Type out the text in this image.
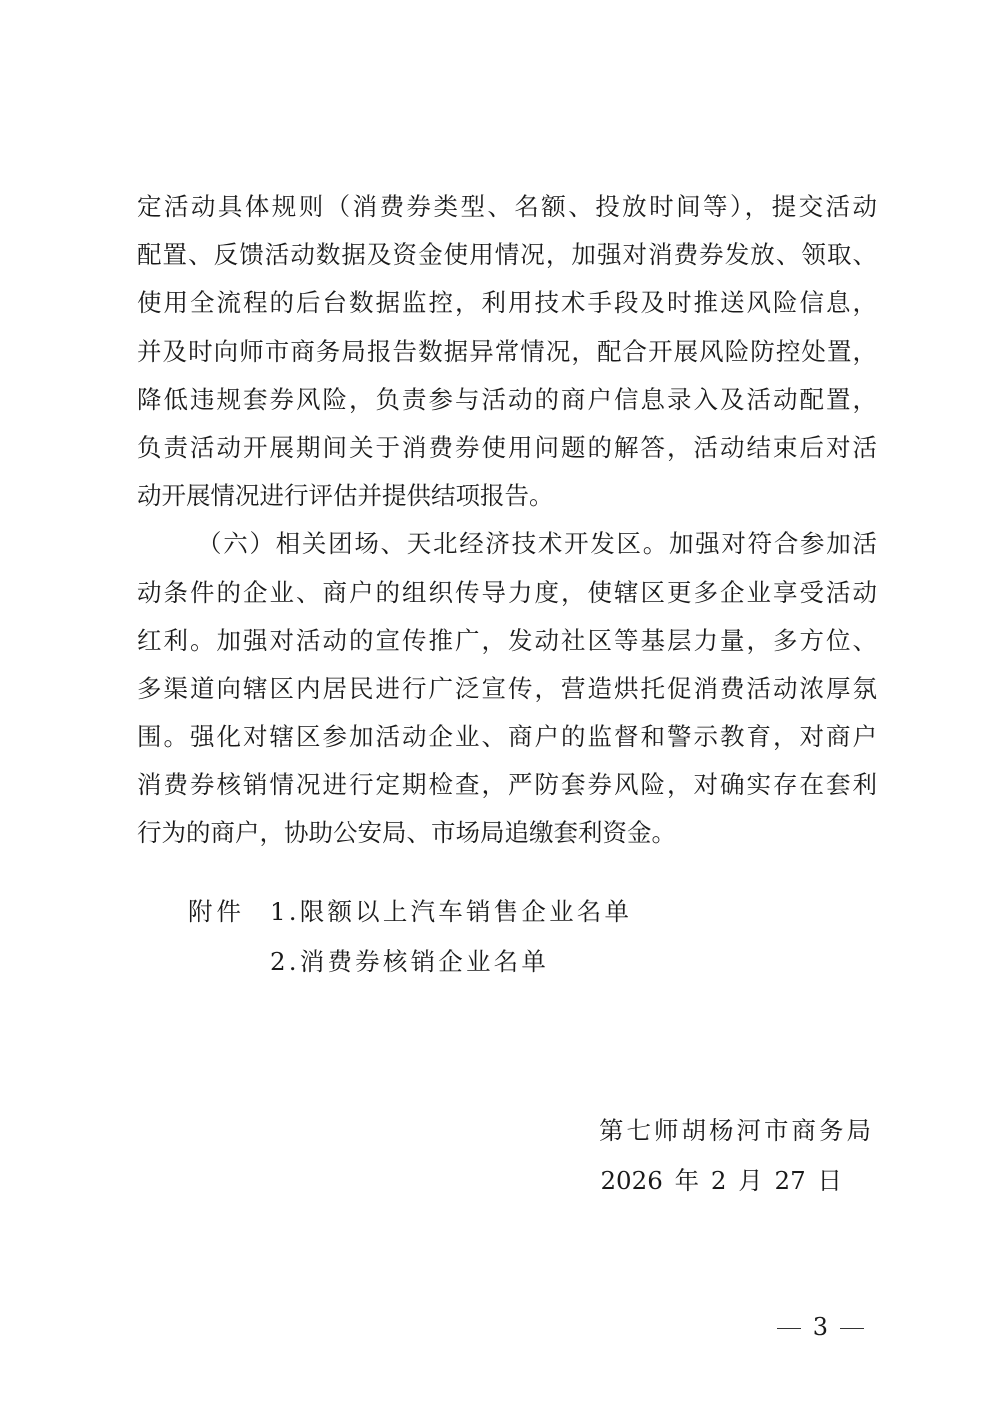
定活动具体规则（消费券类型、名额、投放时间等），提交活动
配置、反馈活动数据及资金使用情况，加强对消费券发放、领取、
使用全流程的后台数据监控，利用技术手段及时推送风险信息，
并及时向师市商务局报告数据异常情况，配合开展风险防控处置，
降低违规套券风险，负责参与活动的商户信息录入及活动配置，
负责活动开展期间关于消费券使用问题的解答，活动结束后对活
动开展情况进行评估并提供结项报告。
（六）相关团场、天北经济技术开发区。加强对符合参加活
动条件的企业、商户的组织传导力度，使辖区更多企业享受活动
红利。加强对活动的宣传推广，发动社区等基层力量，多方位、
多渠道向辖区内居民进行广泛宣传，营造烘托促消费活动浓厚氛
围。强化对辖区参加活动企业、商户的监督和警示教育，对商户
消费券核销情况进行定期检查，严防套券风险，对确实存在套利
行为的商户，协助公安局、市场局追缴套利资金。
附件	1.限额以上汽车销售企业名单
2.消费券核销企业名单
第七师胡杨河市商务局
2026 年 2 月 27 日
3
